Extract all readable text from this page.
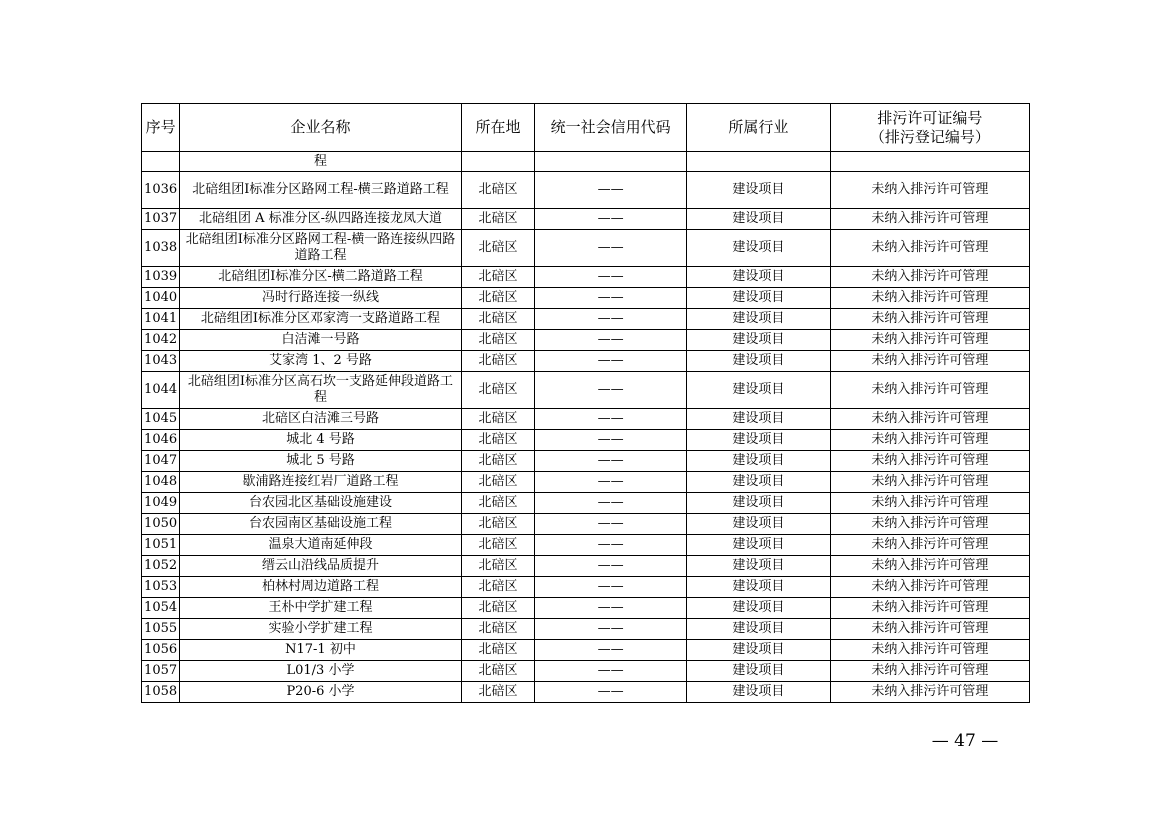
序号	企业名称	所在地	统一社会信用代码	所属行业	排污许可证编号
（排污登记编号）

	程				
1036	北碚组团Ⅰ标准分区路网工程-横三路道路工程	北碚区	——	建设项目	未纳入排污许可管理
1037	北碚组团 A 标准分区-纵四路连接龙凤大道	北碚区	——	建设项目	未纳入排污许可管理
1038	北碚组团Ⅰ标准分区路网工程-横一路连接纵四路道路工程	北碚区	——	建设项目	未纳入排污许可管理
1039	北碚组团Ⅰ标准分区-横二路道路工程	北碚区	——	建设项目	未纳入排污许可管理
1040	冯时行路连接一纵线	北碚区	——	建设项目	未纳入排污许可管理
1041	北碚组团Ⅰ标准分区邓家湾一支路道路工程	北碚区	——	建设项目	未纳入排污许可管理
1042	白洁滩一号路	北碚区	——	建设项目	未纳入排污许可管理
1043	艾家湾 1、2 号路	北碚区	——	建设项目	未纳入排污许可管理
1044	北碚组团Ⅰ标准分区高石坎一支路延伸段道路工程	北碚区	——	建设项目	未纳入排污许可管理
1045	北碚区白洁滩三号路	北碚区	——	建设项目	未纳入排污许可管理
1046	城北 4 号路	北碚区	——	建设项目	未纳入排污许可管理
1047	城北 5 号路	北碚区	——	建设项目	未纳入排污许可管理
1048	歇浦路连接红岩厂道路工程	北碚区	——	建设项目	未纳入排污许可管理
1049	台农园北区基础设施建设	北碚区	——	建设项目	未纳入排污许可管理
1050	台农园南区基础设施工程	北碚区	——	建设项目	未纳入排污许可管理
1051	温泉大道南延伸段	北碚区	——	建设项目	未纳入排污许可管理
1052	缙云山沿线品质提升	北碚区	——	建设项目	未纳入排污许可管理
1053	柏林村周边道路工程	北碚区	——	建设项目	未纳入排污许可管理
1054	王朴中学扩建工程	北碚区	——	建设项目	未纳入排污许可管理
1055	实验小学扩建工程	北碚区	——	建设项目	未纳入排污许可管理
1056	N17-1 初中	北碚区	——	建设项目	未纳入排污许可管理
1057	L01/3 小学	北碚区	——	建设项目	未纳入排污许可管理
1058	P20-6 小学	北碚区	——	建设项目	未纳入排污许可管理
— 47 —
